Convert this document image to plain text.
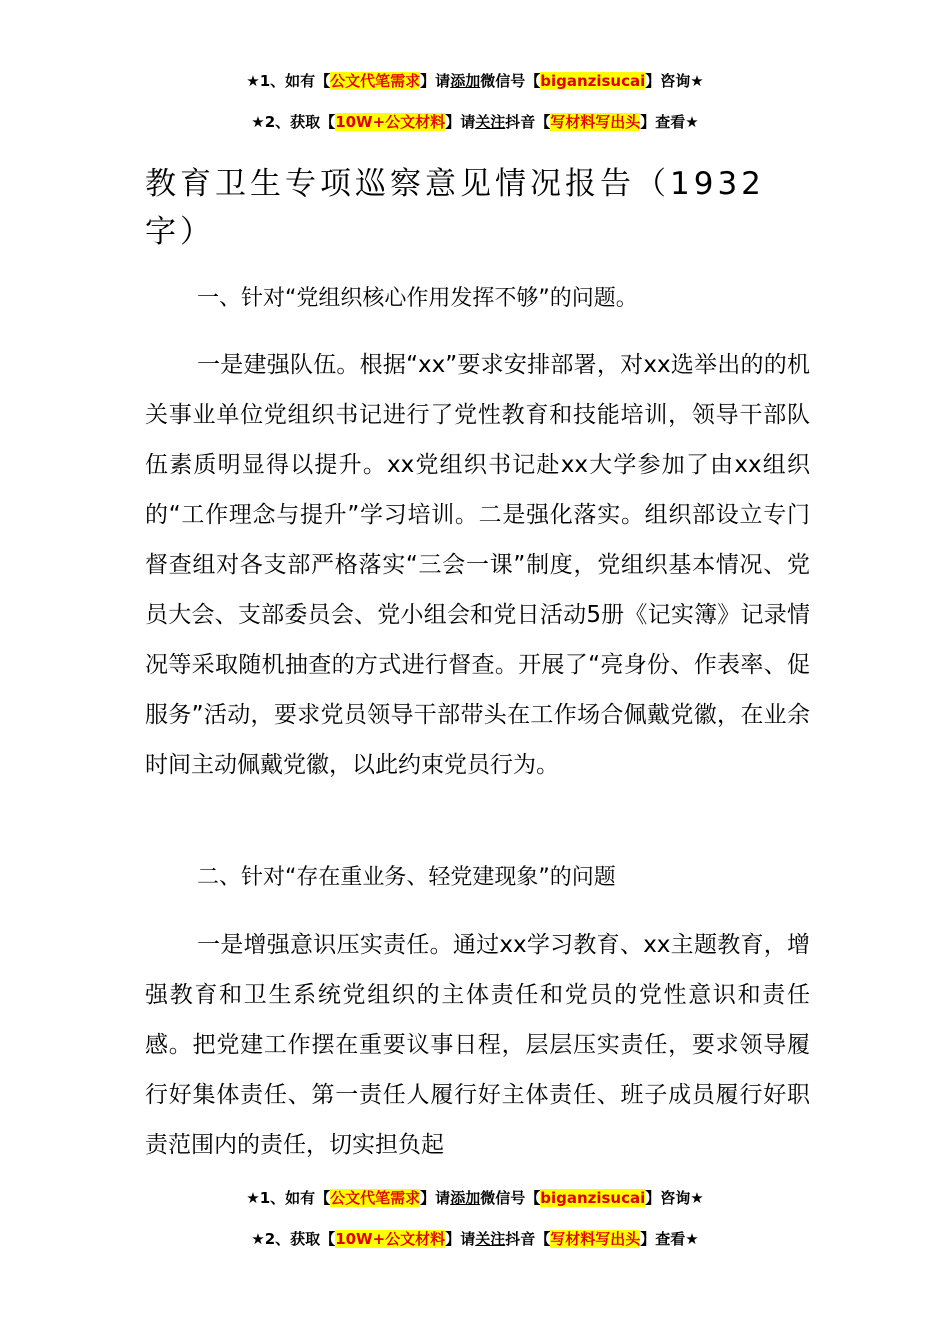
★1、如有【公文代笔需求】请添加微信号【biganzisucai】咨询★
★2、获取【10W+公文材料】请关注抖音【写材料写出头】查看★
教育卫生专项巡察意见情况报告（1932字）

一、针对“党组织核心作用发挥不够”的问题。

一是建强队伍。根据“xx”要求安排部署，对xx选举出的的机关事业单位党组织书记进行了党性教育和技能培训，领导干部队伍素质明显得以提升。xx党组织书记赴xx大学参加了由xx组织的“工作理念与提升”学习培训。二是强化落实。组织部设立专门督查组对各支部严格落实“三会一课”制度，党组织基本情况、党员大会、支部委员会、党小组会和党日活动5册《记实簿》记录情况等采取随机抽查的方式进行督查。开展了“亮身份、作表率、促服务”活动，要求党员领导干部带头在工作场合佩戴党徽，在业余时间主动佩戴党徽，以此约束党员行为。

二、针对“存在重业务、轻党建现象”的问题

一是增强意识压实责任。通过xx学习教育、xx主题教育，增强教育和卫生系统党组织的主体责任和党员的党性意识和责任感。把党建工作摆在重要议事日程，层层压实责任，要求领导履行好集体责任、第一责任人履行好主体责任、班子成员履行好职责范围内的责任，切实担负起

★1、如有【公文代笔需求】请添加微信号【biganzisucai】咨询★
★2、获取【10W+公文材料】请关注抖音【写材料写出头】查看★
